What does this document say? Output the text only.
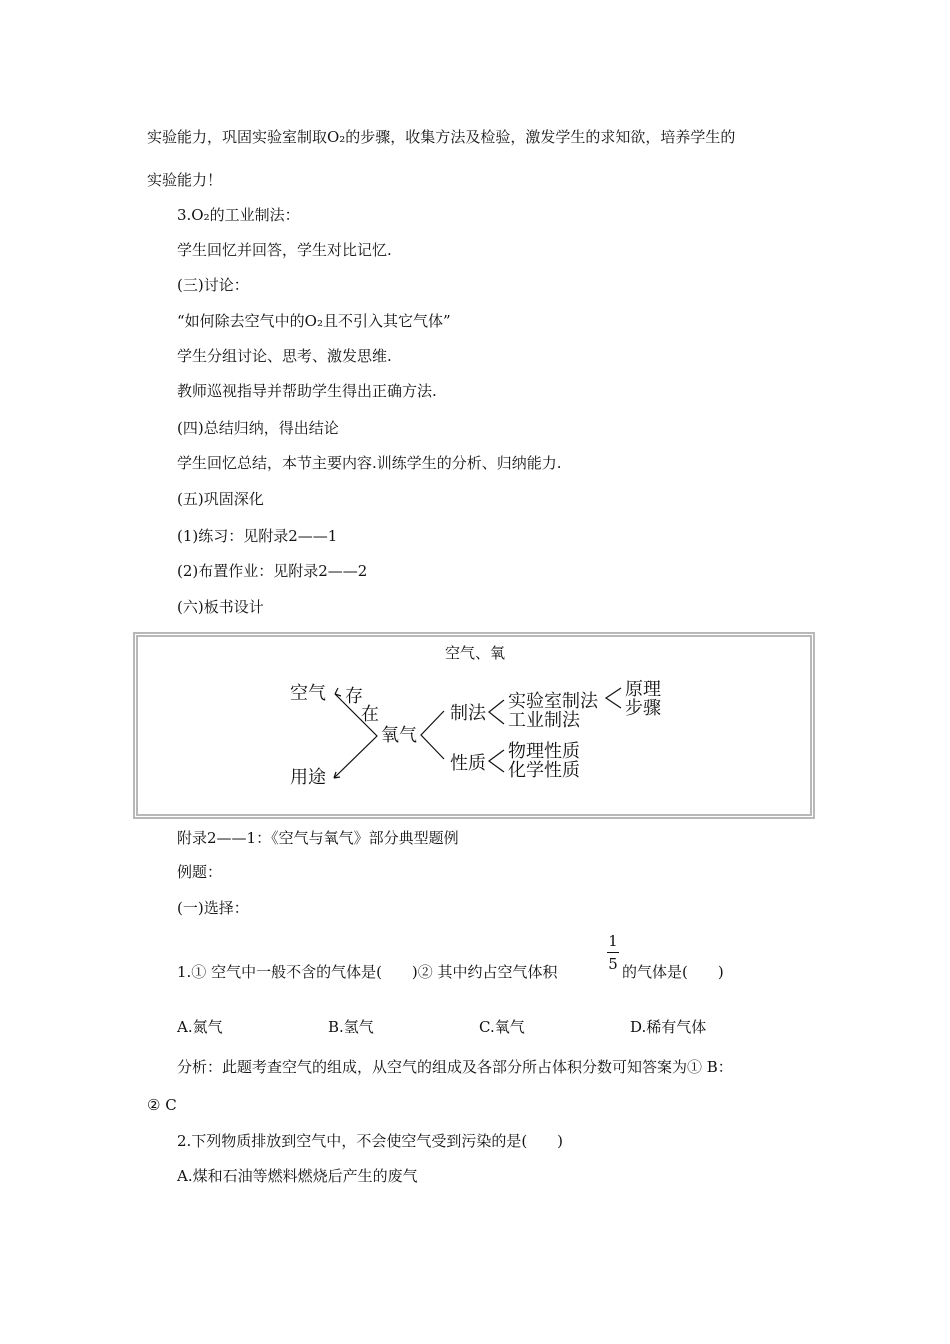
实验能力，巩固实验室制取O₂的步骤，收集方法及检验，激发学生的求知欲，培养学生的
实验能力！
3.O₂的工业制法：
学生回忆并回答，学生对比记忆.
(三)讨论：
“如何除去空气中的O₂且不引入其它气体”
学生分组讨论、思考、激发思维.
教师巡视指导并帮助学生得出正确方法.
(四)总结归纳，得出结论
学生回忆总结，本节主要内容.训练学生的分析、归纳能力.
(五)巩固深化
(1)练习：见附录2——1
(2)布置作业：见附录2——2
(六)板书设计
空气、氧
空气 存
在
用途
氧气
制法
实验室制法
工业制法
原理
步骤
性质
物理性质
化学性质
附录2——1：《空气与氧气》部分典型题例
例题：
(一)选择：
1.① 空气中一般不含的气体是(　　)② 其中约占空气体积
1
5 的气体是(　　)
A.氮气	B.氢气	C.氧气	D.稀有气体
分析：此题考查空气的组成，从空气的组成及各部分所占体积分数可知答案为① B：
② C
2.下列物质排放到空气中，不会使空气受到污染的是(　　)
A.煤和石油等燃料燃烧后产生的废气
